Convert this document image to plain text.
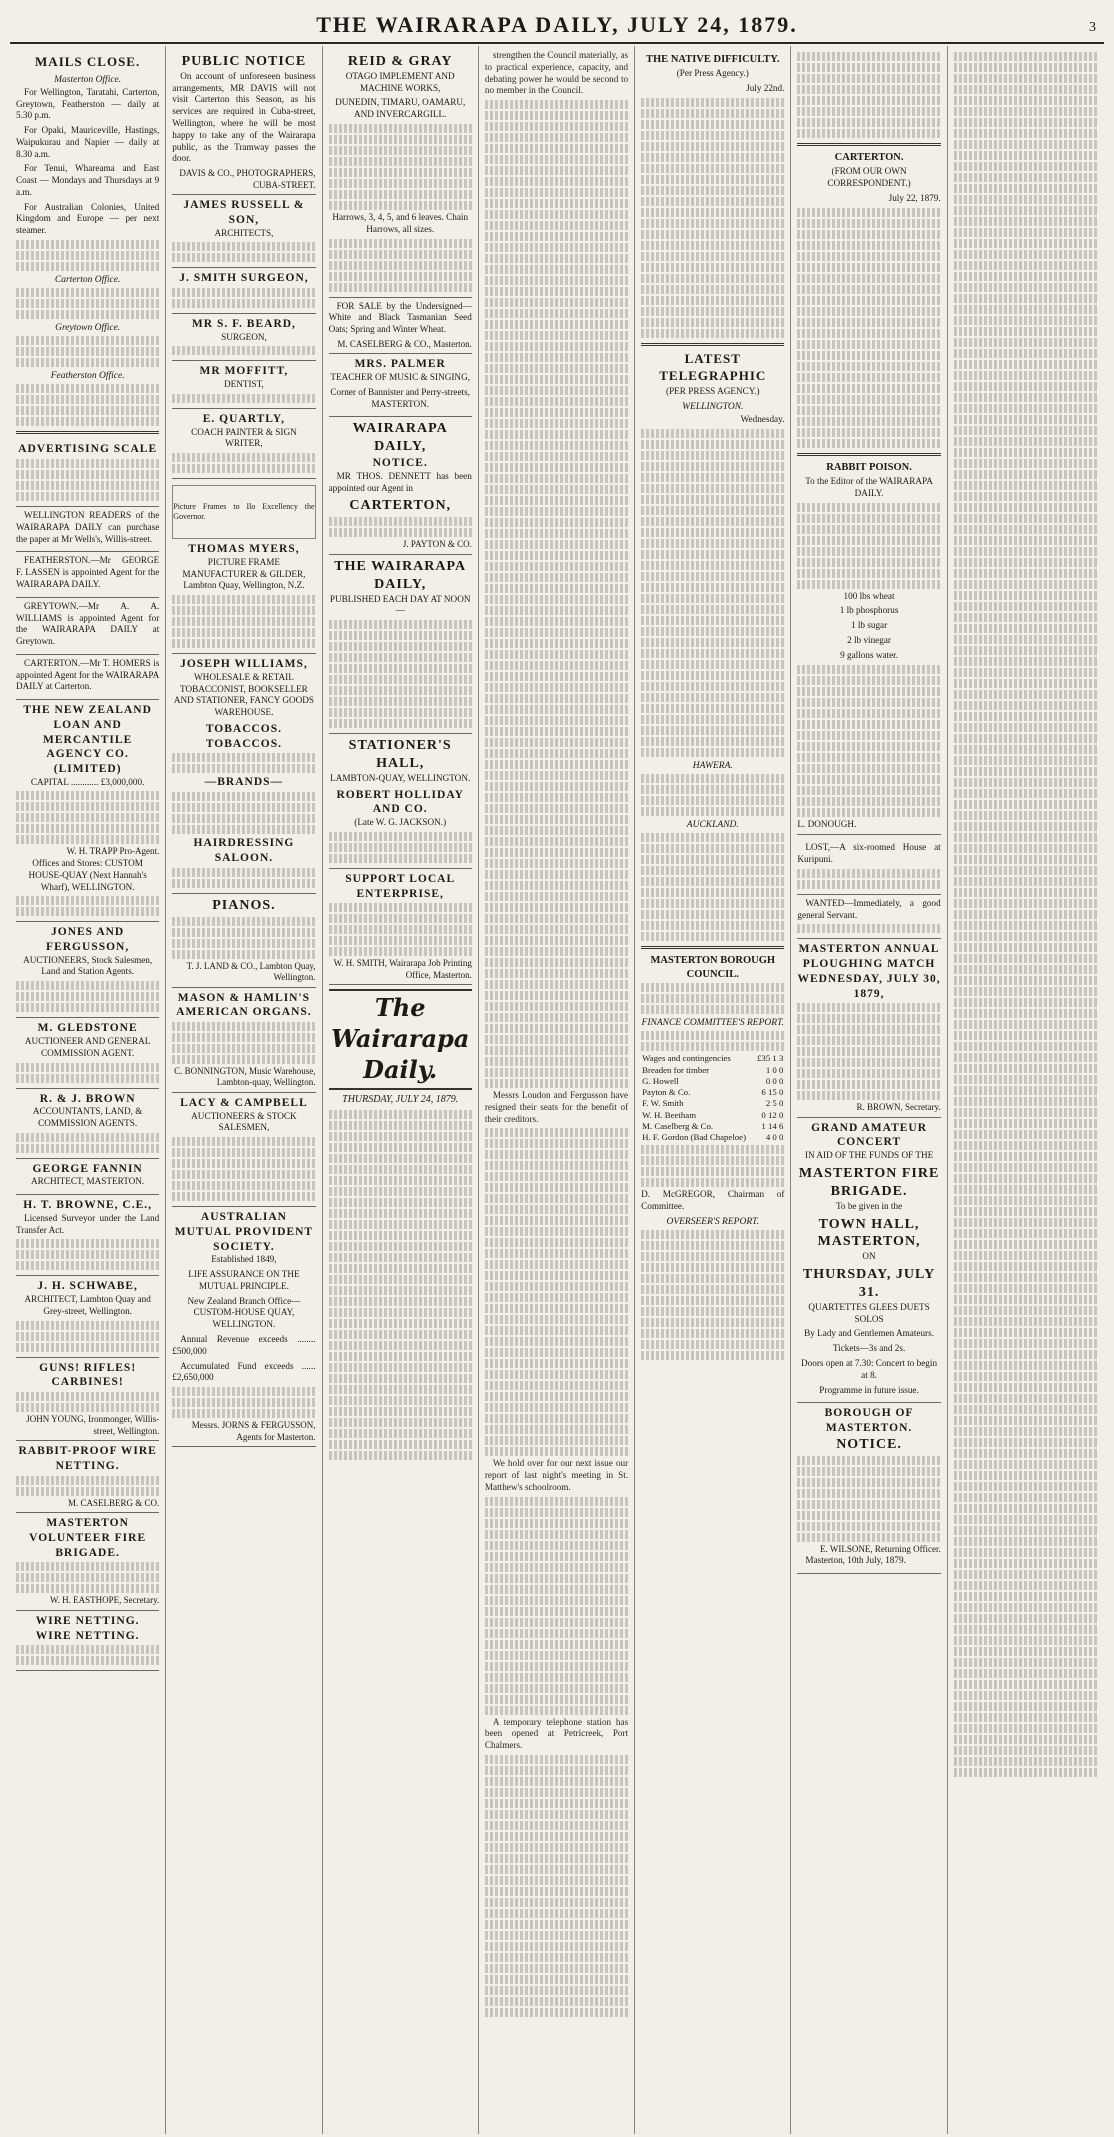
THE WAIRARAPA DAILY, JULY 24, 1879.	3
MAILS CLOSE.
Masterton Office.

For Wellington, Taratahi, Carterton, Greytown, Featherston — daily at 5.30 p.m.

For Opaki, Mauriceville, Hastings, Waipukurau and Napier — daily at 8.30 a.m.

For Tenui, Whareama and East Coast — Mondays and Thursdays at 9 a.m.

For Australian Colonies, United Kingdom and Europe — per next steamer.

Carterton Office.
Greytown Office.
Featherston Office.
ADVERTISING SCALE

WELLINGTON READERS of the WAIRARAPA DAILY can purchase the paper at Mr Wells's, Willis-street.

FEATHERSTON.—Mr GEORGE F. LASSEN is appointed Agent for the WAIRARAPA DAILY.

GREYTOWN.—Mr A. A. WILLIAMS is appointed Agent for the WAIRARAPA DAILY at Greytown.

CARTERTON.—Mr T. HOMERS is appointed Agent for the WAIRARAPA DAILY at Carterton.

THE NEW ZEALAND LOAN AND MERCANTILE AGENCY CO. (LIMITED)

CAPITAL ............ £3,000,000.

W. H. TRAPP Pro-Agent.

Offices and Stores: CUSTOM HOUSE-QUAY (Next Hannah's Wharf), WELLINGTON.

JONES AND FERGUSSON,

AUCTIONEERS, Stock Salesmen, Land and Station Agents.

M. GLEDSTONE

AUCTIONEER AND GENERAL COMMISSION AGENT.

R. & J. BROWN

ACCOUNTANTS, LAND, & COMMISSION AGENTS.

GEORGE FANNIN

ARCHITECT, MASTERTON.

H. T. BROWNE, C.E.,

Licensed Surveyor under the Land Transfer Act.

J. H. SCHWABE,

ARCHITECT, Lambton Quay and Grey-street, Wellington.

GUNS! RIFLES! CARBINES!
JOHN YOUNG, Ironmonger, Willis-street, Wellington.
RABBIT-PROOF WIRE NETTING.
M. CASELBERG & CO.
MASTERTON VOLUNTEER FIRE BRIGADE.
W. H. EASTHOPE, Secretary.
WIRE NETTING. WIRE NETTING.
PUBLIC NOTICE

On account of unforeseen business arrangements, MR DAVIS will not visit Carterton this Season, as his services are required in Cuba-street, Wellington, where he will be most happy to take any of the Wairarapa public, as the Tramway passes the door.

DAVIS & CO., PHOTOGRAPHERS, CUBA-STREET.
JAMES RUSSELL & SON,

ARCHITECTS,

J. SMITH SURGEON,
MR S. F. BEARD,

SURGEON,

MR MOFFITT,

DENTIST,

E. QUARTLY,

COACH PAINTER & SIGN WRITER,

Picture Frames to Ilo Excellency the Governor.
THOMAS MYERS,

PICTURE FRAME MANUFACTURER & GILDER, Lambton Quay, Wellington, N.Z.

JOSEPH WILLIAMS,

WHOLESALE & RETAIL TOBACCONIST, BOOKSELLER AND STATIONER, FANCY GOODS WAREHOUSE.

TOBACCOS. TOBACCOS.
—BRANDS—
HAIRDRESSING SALOON.
PIANOS.
T. J. LAND & CO., Lambton Quay, Wellington.
MASON & HAMLIN'S AMERICAN ORGANS.
C. BONNINGTON, Music Warehouse, Lambton-quay, Wellington.
LACY & CAMPBELL

AUCTIONEERS & STOCK SALESMEN,

AUSTRALIAN MUTUAL PROVIDENT SOCIETY.

Established 1849,

LIFE ASSURANCE ON THE MUTUAL PRINCIPLE.

New Zealand Branch Office—CUSTOM-HOUSE QUAY, WELLINGTON.

Annual Revenue exceeds ........ £500,000

Accumulated Fund exceeds ...... £2,650,000

Messrs. JORNS & FERGUSSON, Agents for Masterton.
REID & GRAY

OTAGO IMPLEMENT AND MACHINE WORKS,

DUNEDIN, TIMARU, OAMARU, AND INVERCARGILL.

Harrows, 3, 4, 5, and 6 leaves. Chain Harrows, all sizes.

FOR SALE by the Undersigned—White and Black Tasmanian Seed Oats; Spring and Winter Wheat.

M. CASELBERG & CO., Masterton.
MRS. PALMER

TEACHER OF MUSIC & SINGING,

Corner of Bannister and Perry-streets, MASTERTON.

WAIRARAPA DAILY,
NOTICE.

MR THOS. DENNETT has been appointed our Agent in

CARTERTON,
J. PAYTON & CO.
THE WAIRARAPA DAILY,

PUBLISHED EACH DAY AT NOON—

STATIONER'S HALL,

LAMBTON-QUAY, WELLINGTON.

ROBERT HOLLIDAY AND CO.

(Late W. G. JACKSON.)

SUPPORT LOCAL ENTERPRISE,
W. H. SMITH, Wairarapa Job Printing Office, Masterton.
The Wairarapa Daily.
THURSDAY, JULY 24, 1879.

strengthen the Council materially, as to practical experience, capacity, and debating power he would be second to no member in the Council.

Messrs Loudon and Fergusson have resigned their seats for the benefit of their creditors.

We hold over for our next issue our report of last night's meeting in St. Matthew's schoolroom.

A temporary telephone station has been opened at Petricreek, Port Chalmers.

THE NATIVE DIFFICULTY.

(Per Press Agency.)

July 22nd.

LATEST TELEGRAPHIC

(PER PRESS AGENCY.)

WELLINGTON.

Wednesday.

HAWERA.
AUCKLAND.
MASTERTON BOROUGH COUNCIL.
FINANCE COMMITTEE'S REPORT.
Wages and contingencies	£35 1 3
Breaden for timber	1 0 0
G. Howell	0 0 0
Payton & Co.	6 15 0
F. W. Smith	2 5 0
W. H. Beetham	0 12 0
M. Caselberg & Co.	1 14 6
H. F. Gordon (Bad Chapeloe)	4 0 0
D. McGREGOR, Chairman of Committee.
OVERSEER'S REPORT.
CARTERTON.

(FROM OUR OWN CORRESPONDENT.)

July 22, 1879.

RABBIT POISON.

To the Editor of the WAIRARAPA DAILY.

100 lbs wheat

1 lb phosphorus

1 lb sugar

2 lb vinegar

9 gallons water.

L. DONOUGH.

LOST,—A six-roomed House at Kuripuni.

WANTED—Immediately, a good general Servant.

MASTERTON ANNUAL PLOUGHING MATCH
WEDNESDAY, JULY 30, 1879,
R. BROWN, Secretary.
GRAND AMATEUR CONCERT

IN AID OF THE FUNDS OF THE

MASTERTON FIRE BRIGADE.

To be given in the

TOWN HALL, MASTERTON,

ON

THURSDAY, JULY 31.

QUARTETTES GLEES DUETS SOLOS

By Lady and Gentlemen Amateurs.

Tickets—3s and 2s.

Doors open at 7.30: Concert to begin at 8.

Programme in future issue.

BOROUGH OF MASTERTON.
NOTICE.
E. WILSONE, Returning Officer.

Masterton, 10th July, 1879.
